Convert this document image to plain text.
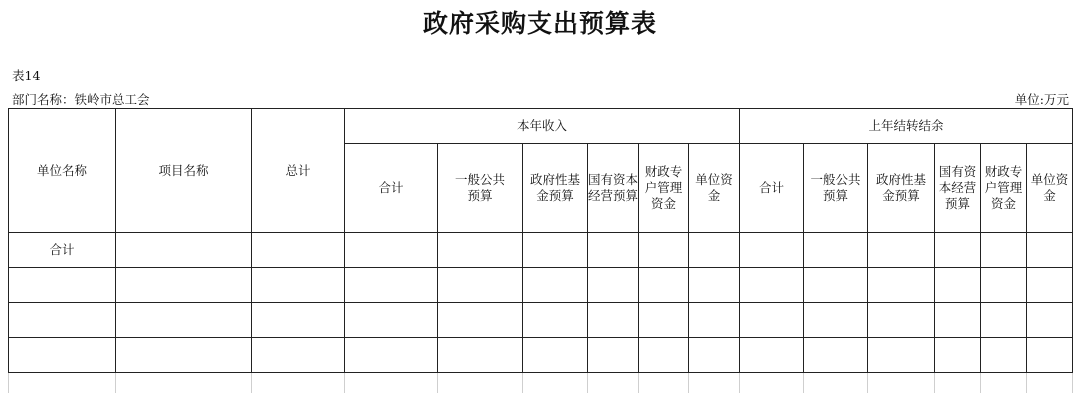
政府采购支出预算表
表14
部门名称：铁岭市总工会	单位:万元
单位名称	项目名称	总计	本年收入						上年结转结余					
			合计	一般公共预算	政府性基金预算	国有资本经营预算	财政专户管理资金	单位资金	合计	一般公共预算	政府性基金预算	国有资本经营预算	财政专户管理资金	单位资金
合计														
